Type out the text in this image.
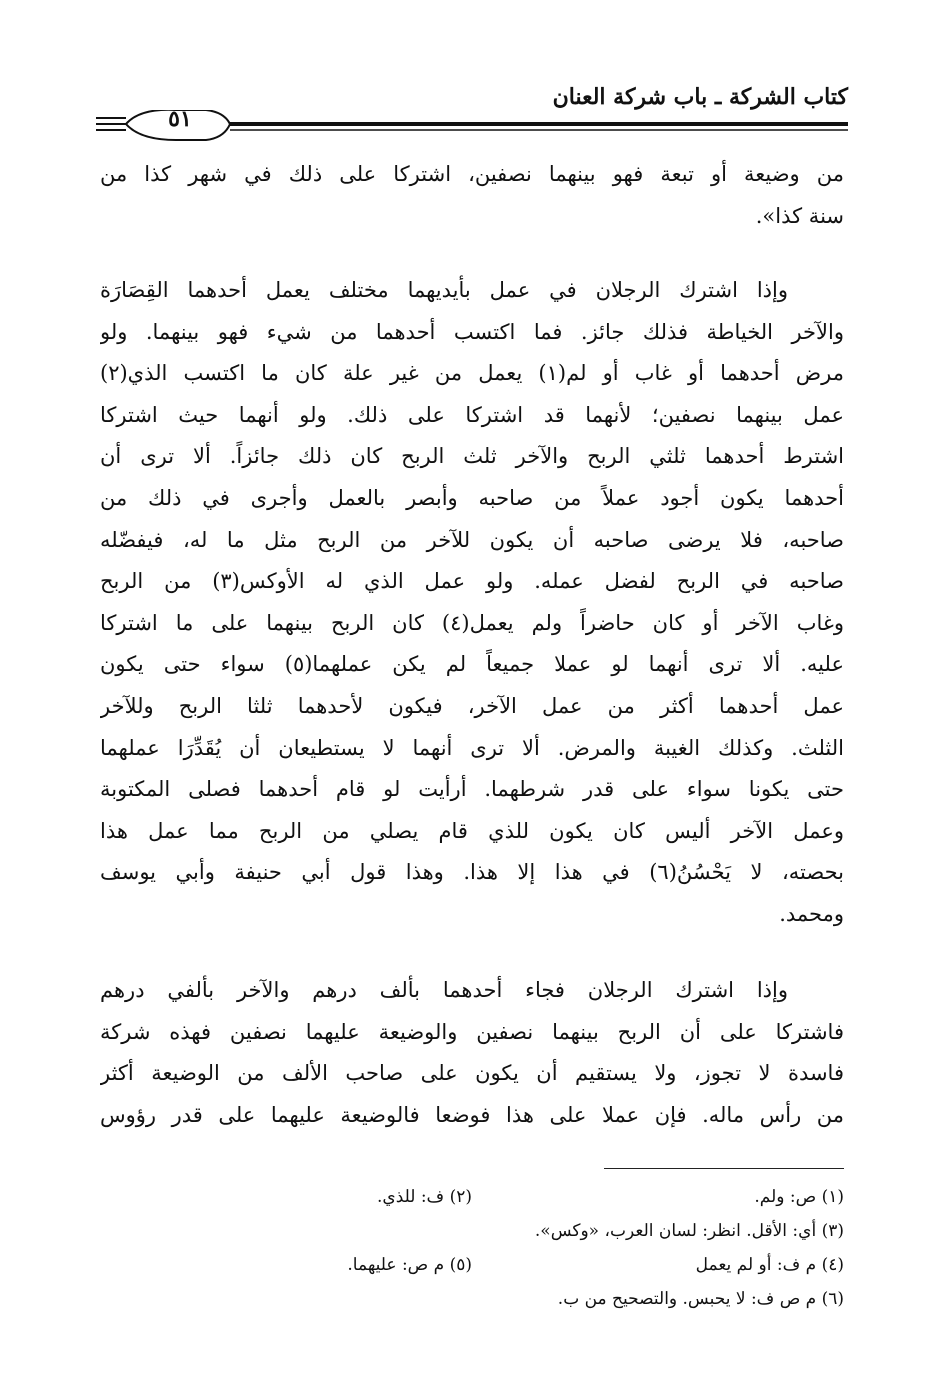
كتاب الشركة ـ باب شركة العنان
٥١
من وضيعة أو تبعة فهو بينهما نصفين، اشتركا على ذلك في شهر كذا من
سنة كذا».
وإذا اشترك الرجلان في عمل بأيديهما مختلف يعمل أحدهما القِصَارَة
والآخر الخياطة فذلك جائز. فما اكتسب أحدهما من شيء فهو بينهما. ولو
مرض أحدهما أو غاب أو لم(١) يعمل من غير علة كان ما اكتسب الذي(٢)
عمل بينهما نصفين؛ لأنهما قد اشتركا على ذلك. ولو أنهما حيث اشتركا
اشترط أحدهما ثلثي الربح والآخر ثلث الربح كان ذلك جائزاً. ألا ترى أن
أحدهما يكون أجود عملاً من صاحبه وأبصر بالعمل وأجرى في ذلك من
صاحبه، فلا يرضى صاحبه أن يكون للآخر من الربح مثل ما له، فيفضّله
صاحبه في الربح لفضل عمله. ولو عمل الذي له الأوكس(٣) من الربح
وغاب الآخر أو كان حاضراً ولم يعمل(٤) كان الربح بينهما على ما اشتركا
عليه. ألا ترى أنهما لو عملا جميعاً لم يكن عملهما(٥) سواء حتى يكون
عمل أحدهما أكثر من عمل الآخر، فيكون لأحدهما ثلثا الربح وللآخر
الثلث. وكذلك الغيبة والمرض. ألا ترى أنهما لا يستطيعان أن يُقَدِّرَا عملهما
حتى يكونا سواء على قدر شرطهما. أرأيت لو قام أحدهما فصلى المكتوبة
وعمل الآخر أليس كان يكون للذي قام يصلي من الربح مما عمل هذا
بحصته، لا يَحْسُنُ(٦) في هذا إلا هذا. وهذا قول أبي حنيفة وأبي يوسف
ومحمد.
وإذا اشترك الرجلان فجاء أحدهما بألف درهم والآخر بألفي درهم
فاشتركا على أن الربح بينهما نصفين والوضيعة عليهما نصفين فهذه شركة
فاسدة لا تجوز، ولا يستقيم أن يكون على صاحب الألف من الوضيعة أكثر
من رأس ماله. فإن عملا على هذا فوضعا فالوضيعة عليهما على قدر رؤوس
(١) ص: ولم.
(٢) ف: للذي.
(٣) أي: الأقل. انظر: لسان العرب، «وكس».
(٤) م ف: أو لم يعمل
(٥) م ص: عليهما.
(٦) م ص ف: لا يحبس. والتصحيح من ب.
